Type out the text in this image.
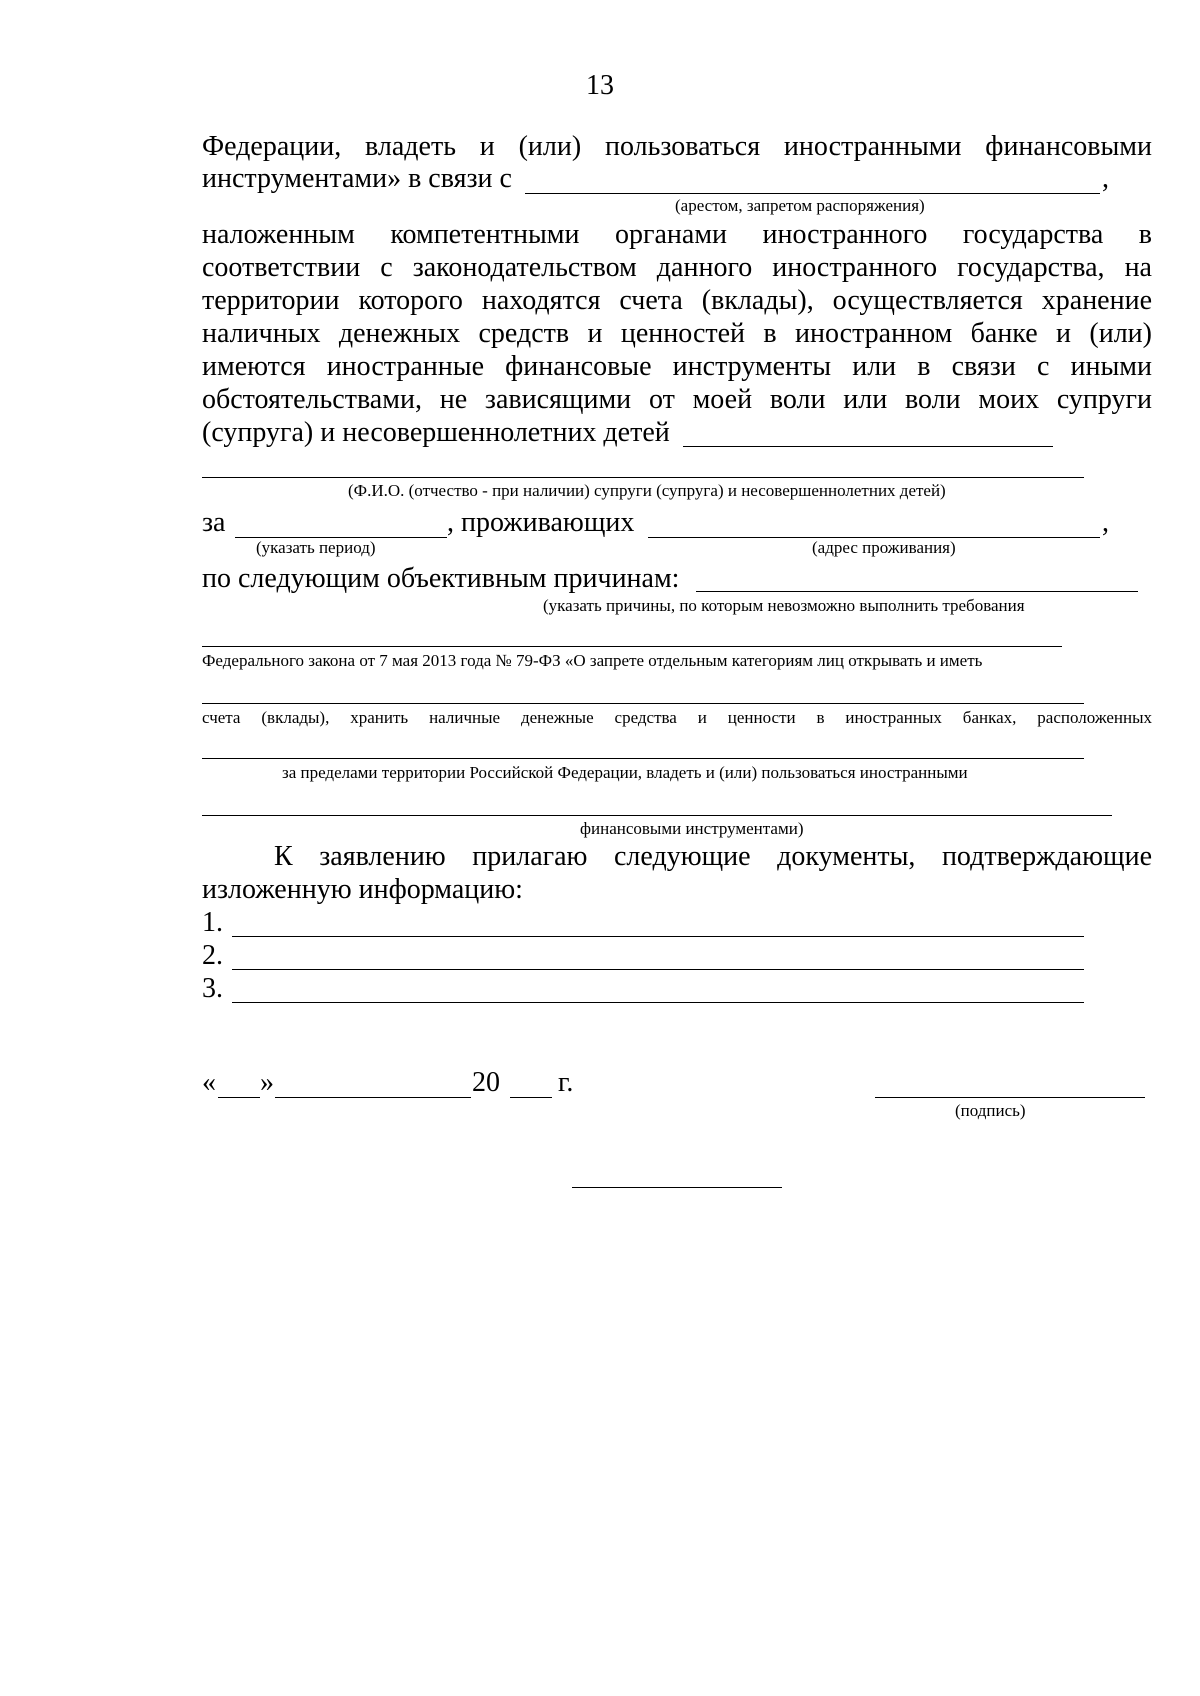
13
Федерации, владеть и (или) пользоваться иностранными финансовыми
инструментами» в связи с	,
(арестом, запретом распоряжения)
наложенным компетентными органами иностранного государства в
соответствии с законодательством данного иностранного государства, на
территории которого находятся счета (вклады), осуществляется хранение
наличных денежных средств и ценностей в иностранном банке и (или)
имеются иностранные финансовые инструменты или в связи с иными
обстоятельствами, не зависящими от моей воли или воли моих супруги
(супруга) и несовершеннолетних детей
(Ф.И.О. (отчество - при наличии) супруги (супруга) и несовершеннолетних детей)
за	, проживающих	,
(указать период)	(адрес проживания)
по следующим объективным причинам:
(указать причины, по которым невозможно выполнить требования
Федерального закона от 7 мая 2013 года № 79-ФЗ «О запрете отдельным категориям лиц открывать и иметь
счета (вклады), хранить наличные денежные средства и ценности в иностранных банках, расположенных
за пределами территории Российской Федерации, владеть и (или) пользоваться иностранными
финансовыми инструментами)
К заявлению прилагаю следующие документы, подтверждающие
изложенную информацию:
1.
2.
3.
« »	20 г.
(подпись)
